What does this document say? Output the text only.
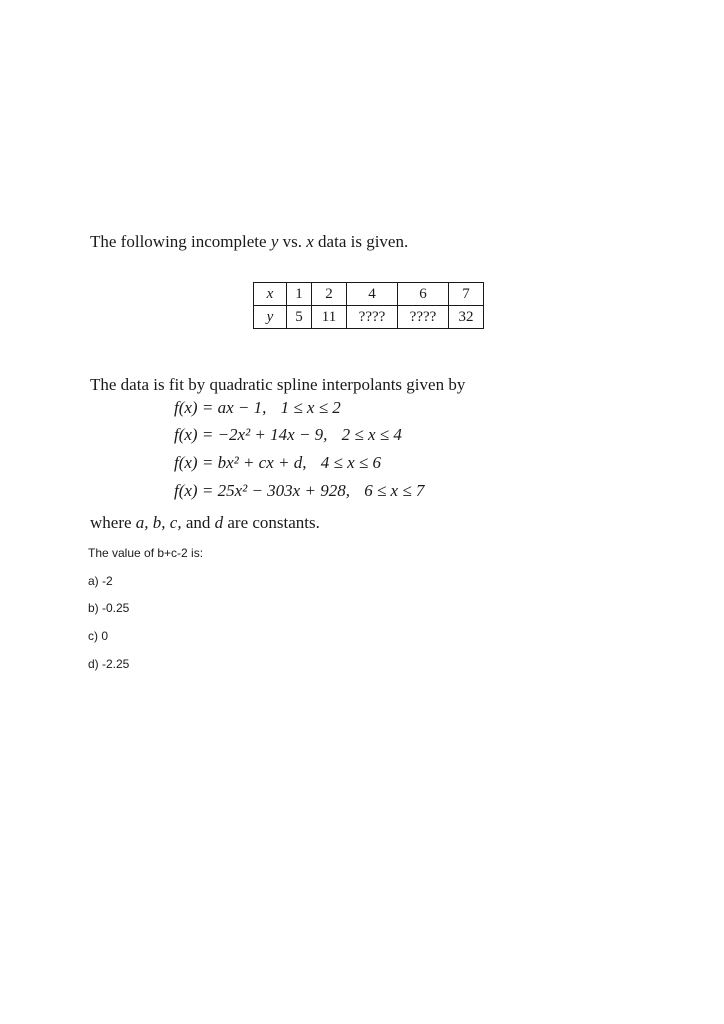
The following incomplete y vs. x data is given.
x	1	2	4	6	7
y	5	11	????	????	32
The data is fit by quadratic spline interpolants given by
f(x) = ax − 1, 1 ≤ x ≤ 2
f(x) = −2x² + 14x − 9, 2 ≤ x ≤ 4
f(x) = bx² + cx + d, 4 ≤ x ≤ 6
f(x) = 25x² − 303x + 928, 6 ≤ x ≤ 7
where a, b, c, and d are constants.
The value of b+c-2 is:
a) -2
b) -0.25
c) 0
d) -2.25
